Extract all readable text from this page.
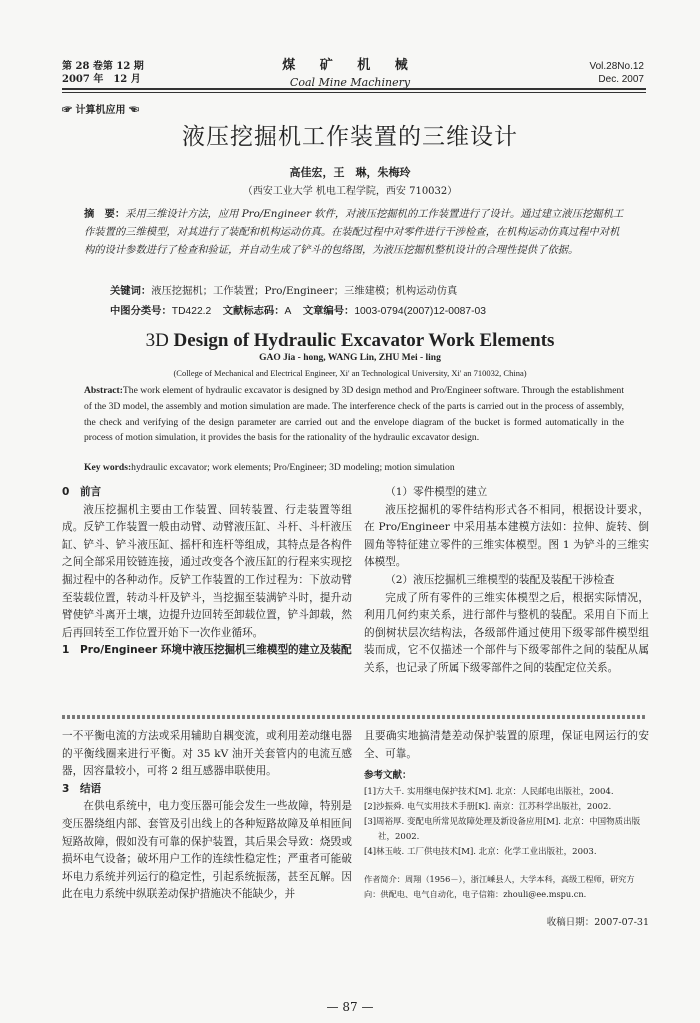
第 28 卷第 12 期
2007 年　12 月
煤 矿 机 械
Coal Mine Machinery
Vol.28No.12
Dec. 2007
☞ 计算机应用 ☜
液压挖掘机工作装置的三维设计
高佳宏，王　琳，朱梅玲
（西安工业大学 机电工程学院，西安 710032）
摘　要：采用三维设计方法，应用 Pro/Engineer 软件，对液压挖掘机的工作装置进行了设计。通过建立液压挖掘机工作装置的三维模型，对其进行了装配和机构运动仿真。在装配过程中对零件进行干涉检查，在机构运动仿真过程中对机构的设计参数进行了检查和验证，并自动生成了铲斗的包络图，为液压挖掘机整机设计的合理性提供了依据。
关键词：液压挖掘机；工作装置；Pro/Engineer；三维建模；机构运动仿真
中图分类号：TD422.2 文献标志码：A 文章编号：1003-0794(2007)12-0087-03
3D Design of Hydraulic Excavator Work Elements
GAO Jia - hong, WANG Lin, ZHU Mei - ling
(College of Mechanical and Electrical Engineer, Xi' an Technological University, Xi' an 710032, China)
Abstract:The work element of hydraulic excavator is designed by 3D design method and Pro/Engineer software. Through the establishment of the 3D model, the assembly and motion simulation are made. The interference check of the parts is carried out in the process of assembly, the check and verifying of the design parameter are carried out and the envelope diagram of the bucket is formed automatically in the process of motion simulation, it provides the basis for the rationality of the hydraulic excavator design.
Key words:hydraulic excavator; work elements; Pro/Engineer; 3D modeling; motion simulation

0　前言

液压挖掘机主要由工作装置、回转装置、行走装置等组成。反铲工作装置一般由动臂、动臂液压缸、斗杆、斗杆液压缸、铲斗、铲斗液压缸、摇杆和连杆等组成，其特点是各构件之间全部采用铰链连接，通过改变各个液压缸的行程来实现挖掘过程中的各种动作。反铲工作装置的工作过程为：下放动臂至装载位置，转动斗杆及铲斗，当挖掘至装满铲斗时，提升动臂使铲斗离开土壤，边提升边回转至卸载位置，铲斗卸载，然后再回转至工作位置开始下一次作业循环。

1　Pro/Engineer 环境中液压挖掘机三维模型的建立及装配

（1）零件模型的建立

液压挖掘机的零件结构形式各不相同，根据设计要求，在 Pro/Engineer 中采用基本建模方法如：拉伸、旋转、倒圆角等特征建立零件的三维实体模型。图 1 为铲斗的三维实体模型。

（2）液压挖掘机三维模型的装配及装配干涉检查

完成了所有零件的三维实体模型之后，根据实际情况，利用几何约束关系，进行部件与整机的装配。采用自下而上的倒树状层次结构法，各级部件通过使用下级零部件模型组装而成，它不仅描述一个部件与下级零部件之间的装配从属关系，也记录了所属下级零部件之间的装配定位关系。

一不平衡电流的方法或采用辅助自耦变流，或利用差动继电器的平衡线圈来进行平衡。对 35 kV 油开关套管内的电流互感器，因容量较小，可将 2 组互感器串联使用。

3　结语

在供电系统中，电力变压器可能会发生一些故障，特别是变压器绕组内部、套管及引出线上的各种短路故障及单相匝间短路故障，假如没有可靠的保护装置，其后果会导致：烧毁或损坏电气设备；破坏用户工作的连续性稳定性；严重者可能破坏电力系统并列运行的稳定性，引起系统振荡，甚至瓦解。因此在电力系统中纵联差动保护措施决不能缺少，并

且要确实地搞清楚差动保护装置的原理，保证电网运行的安全、可靠。

参考文献：

[1]方大千. 实用继电保护技术[M]. 北京：人民邮电出版社，2004.
[2]沙振舜. 电气实用技术手册[K]. 南京：江苏科学出版社，2002.
[3]周裕厚. 变配电所常见故障处理及新设备应用[M]. 北京：中国物质出版社，2002.
[4]林玉岐. 工厂供电技术[M]. 北京：化学工业出版社，2003.
作者简介：周翔（1956－），浙江嵊县人，大学本科，高级工程师，研究方向：供配电、电气自动化，电子信箱：zhouli@ee.mspu.cn.
收稿日期：2007-07-31
— 87 —
